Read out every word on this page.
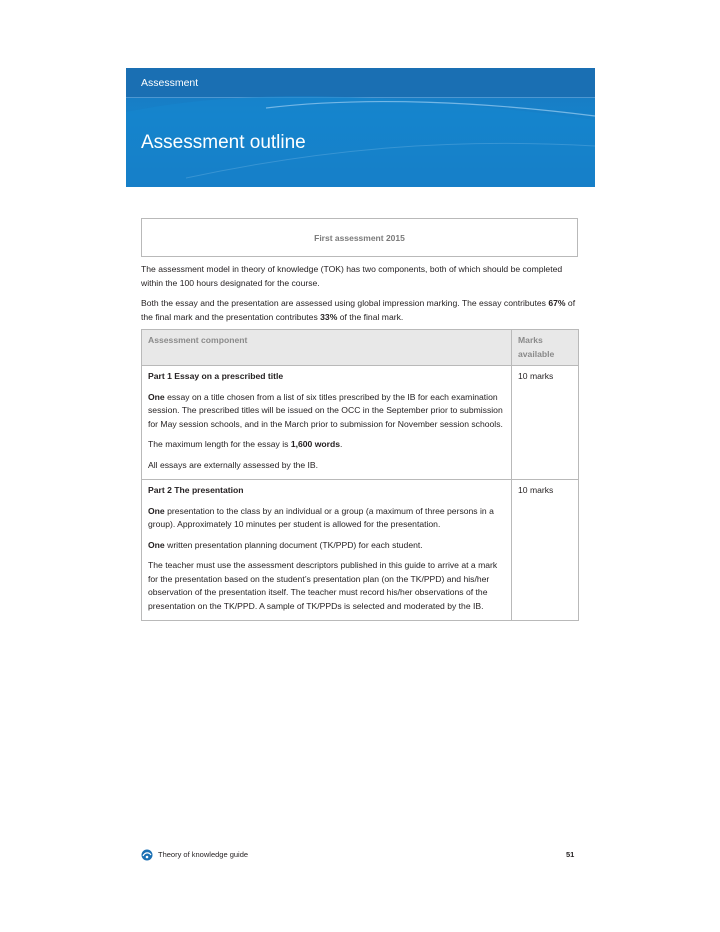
Assessment
Assessment outline
First assessment 2015

The assessment model in theory of knowledge (TOK) has two components, both of which should be completed within the 100 hours designated for the course.

Both the essay and the presentation are assessed using global impression marking. The essay contributes 67% of the final mark and the presentation contributes 33% of the final mark.

Assessment component	Marks available

Part 1 Essay on a prescribed title

One essay on a title chosen from a list of six titles prescribed by the IB for each examination session. The prescribed titles will be issued on the OCC in the September prior to submission for May session schools, and in the March prior to submission for November session schools.

The maximum length for the essay is 1,600 words.

All essays are externally assessed by the IB.	10 marks

Part 2 The presentation

One presentation to the class by an individual or a group (a maximum of three persons in a group). Approximately 10 minutes per student is allowed for the presentation.

One written presentation planning document (TK/PPD) for each student.

The teacher must use the assessment descriptors published in this guide to arrive at a mark for the presentation based on the student’s presentation plan (on the TK/PPD) and his/her observation of the presentation itself. The teacher must record his/her observations of the presentation on the TK/PPD. A sample of TK/PPDs is selected and moderated by the IB.	10 marks
Theory of knowledge guide	51
